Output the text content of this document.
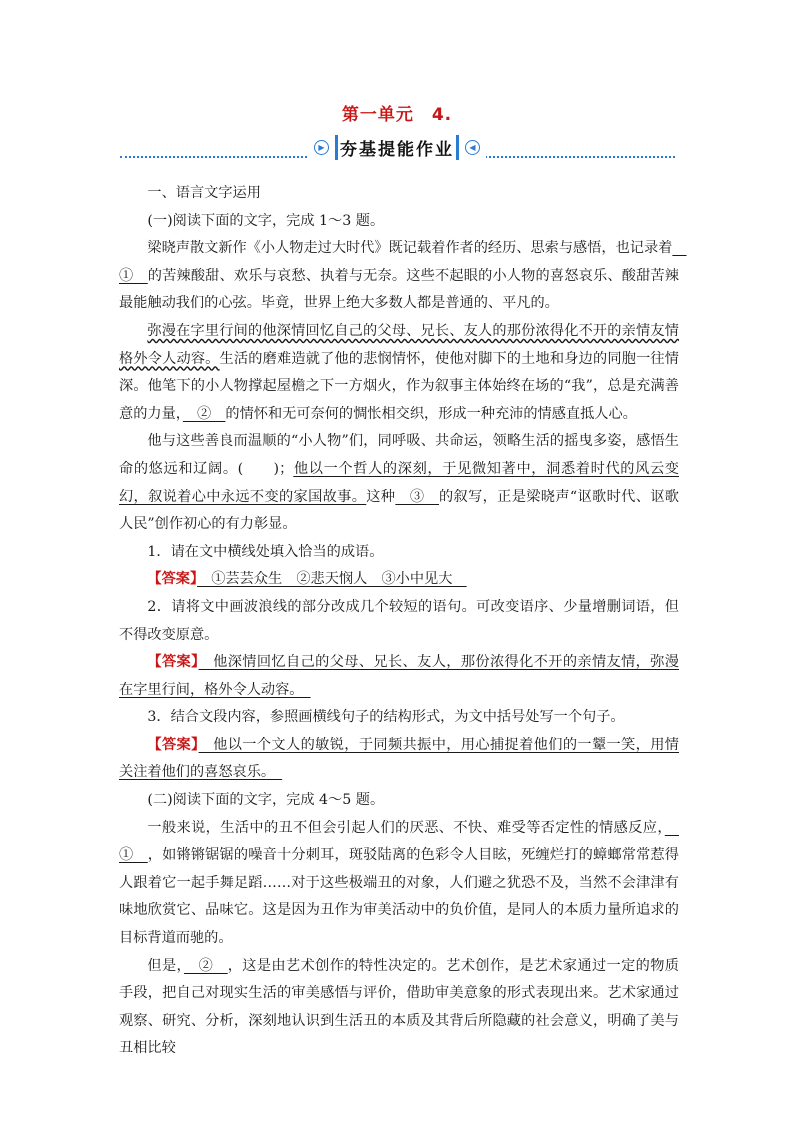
第一单元　4.
▶ 夯基提能作业	◀

一、语言文字运用

(一)阅读下面的文字，完成 1～3 题。

梁晓声散文新作《小人物走过大时代》既记载着作者的经历、思索与感悟，也记录着　①　的苦辣酸甜、欢乐与哀愁、执着与无奈。这些不起眼的小人物的喜怒哀乐、酸甜苦辣最能触动我们的心弦。毕竟，世界上绝大多数人都是普通的、平凡的。

弥漫在字里行间的他深情回忆自己的父母、兄长、友人的那份浓得化不开的亲情友情格外令人动容。生活的磨难造就了他的悲悯情怀，使他对脚下的土地和身边的同胞一往情深。他笔下的小人物撑起屋檐之下一方烟火，作为叙事主体始终在场的“我”，总是充满善意的力量，　②　的情怀和无可奈何的惆怅相交织，形成一种充沛的情感直抵人心。

他与这些善良而温顺的“小人物”们，同呼吸、共命运，领略生活的摇曳多姿，感悟生命的悠远和辽阔。(　　)；他以一个哲人的深刻，于见微知著中，洞悉着时代的风云变幻，叙说着心中永远不变的家国故事。这种　③　的叙写，正是梁晓声“讴歌时代、讴歌人民”创作初心的有力彰显。

1．请在文中横线处填入恰当的成语。

【答案】　①芸芸众生　②悲天悯人　③小中见大　

2．请将文中画波浪线的部分改成几个较短的语句。可改变语序、少量增删词语，但不得改变原意。

【答案】　他深情回忆自己的父母、兄长、友人，那份浓得化不开的亲情友情，弥漫在字里行间，格外令人动容。　

3．结合文段内容，参照画横线句子的结构形式，为文中括号处写一个句子。

【答案】　他以一个文人的敏锐，于同频共振中，用心捕捉着他们的一颦一笑，用情关注着他们的喜怒哀乐。　

(二)阅读下面的文字，完成 4～5 题。

一般来说，生活中的丑不但会引起人们的厌恶、不快、难受等否定性的情感反应，　①　，如锵锵锯锯的噪音十分刺耳，斑驳陆离的色彩令人目眩，死缠烂打的蟑螂常常惹得人跟着它一起手舞足蹈……对于这些极端丑的对象，人们避之犹恐不及，当然不会津津有味地欣赏它、品味它。这是因为丑作为审美活动中的负价值，是同人的本质力量所追求的目标背道而驰的。

但是，　②　，这是由艺术创作的特性决定的。艺术创作，是艺术家通过一定的物质手段，把自己对现实生活的审美感悟与评价，借助审美意象的形式表现出来。艺术家通过观察、研究、分析，深刻地认识到生活丑的本质及其背后所隐藏的社会意义，明确了美与丑相比较
